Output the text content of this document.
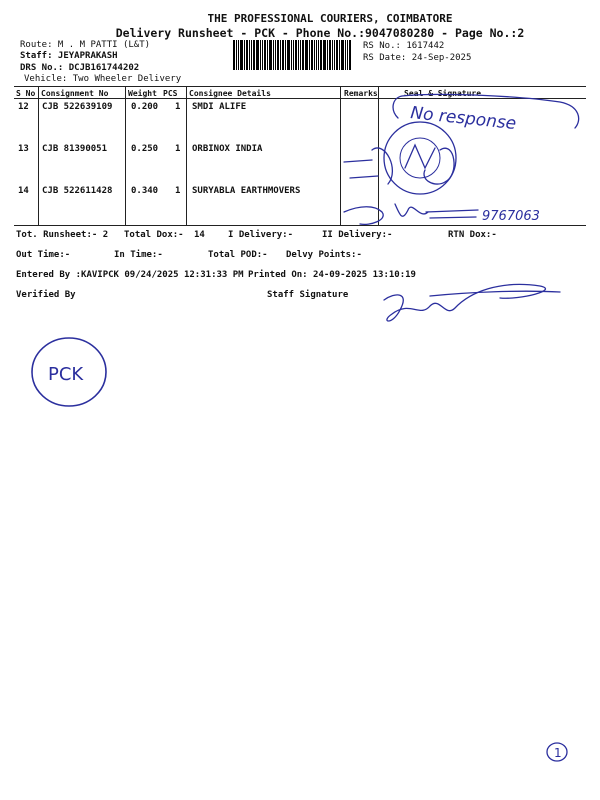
THE PROFESSIONAL COURIERS, COIMBATORE
Delivery Runsheet - PCK - Phone No.:9047080280 - Page No.:2
Route: M . M PATTI (L&T)
Staff: JEYAPRAKASH
DRS No.: DCJB161744202
Vehicle: Two Wheeler Delivery
RS No.: 1617442
RS Date: 24-Sep-2025
S No Consignment No Weight PCS Consignee Details	Remarks	Seal & Signature
12 CJB 522639109 0.200 1 SMDI ALIFE
13 CJB 81390051	0.250 1 ORBINOX INDIA
14 CJB 522611428 0.340 1 SURYABLA EARTHMOVERS
Tot. Runsheet:- 2 Total Dox:- 14	I Delivery:-	II Delivery:-	RTN Dox:-
Out Time:-	In Time:-	Total POD:- Delvy Points:-
Entered By :KAVIPCK 09/24/2025 12:31:33 PM Printed On: 24-09-2025 13:10:19
Verified By	Staff Signature
No response
9767063
PCK
1
